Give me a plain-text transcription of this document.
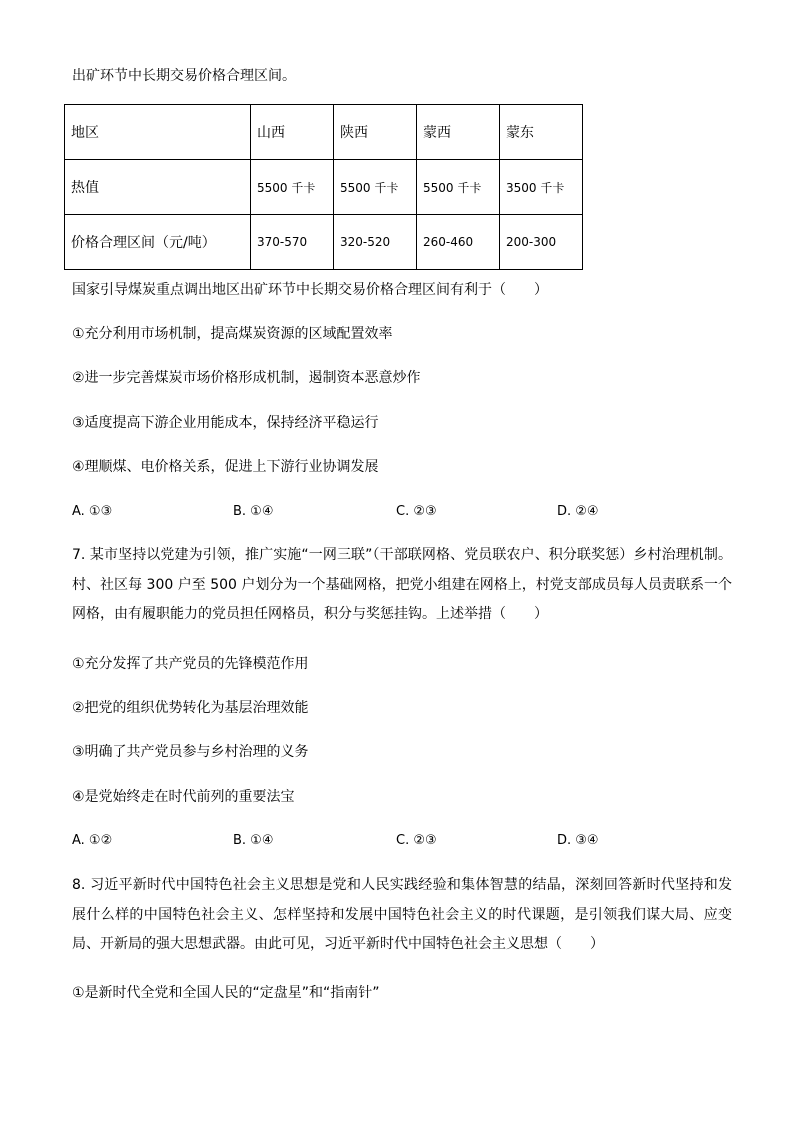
出矿环节中长期交易价格合理区间。
地区	山西	陕西	蒙西	蒙东
热值	5500 千卡	5500 千卡	5500 千卡	3500 千卡
价格合理区间（元/吨）	370-570	320-520	260-460	200-300
国家引导煤炭重点调出地区出矿环节中长期交易价格合理区间有利于（　　）
①充分利用市场机制，提高煤炭资源的区域配置效率
②进一步完善煤炭市场价格形成机制，遏制资本恶意炒作
③适度提高下游企业用能成本，保持经济平稳运行
④理顺煤、电价格关系，促进上下游行业协调发展
A. ①③	B. ①④	C. ②③	D. ②④
7. 某市坚持以党建为引领，推广实施“一网三联”（干部联网格、党员联农户、积分联奖惩）乡村治理机制。村、社区每 300 户至 500 户划分为一个基础网格，把党小组建在网格上，村党支部成员每人员责联系一个网格，由有履职能力的党员担任网格员，积分与奖惩挂钩。上述举措（　　）
①充分发挥了共产党员的先锋模范作用
②把党的组织优势转化为基层治理效能
③明确了共产党员参与乡村治理的义务
④是党始终走在时代前列的重要法宝
A. ①②	B. ①④	C. ②③	D. ③④
8. 习近平新时代中国特色社会主义思想是党和人民实践经验和集体智慧的结晶，深刻回答新时代坚持和发展什么样的中国特色社会主义、怎样坚持和发展中国特色社会主义的时代课题，是引领我们谋大局、应变局、开新局的强大思想武器。由此可见，习近平新时代中国特色社会主义思想（　　）
①是新时代全党和全国人民的“定盘星”和“指南针”
